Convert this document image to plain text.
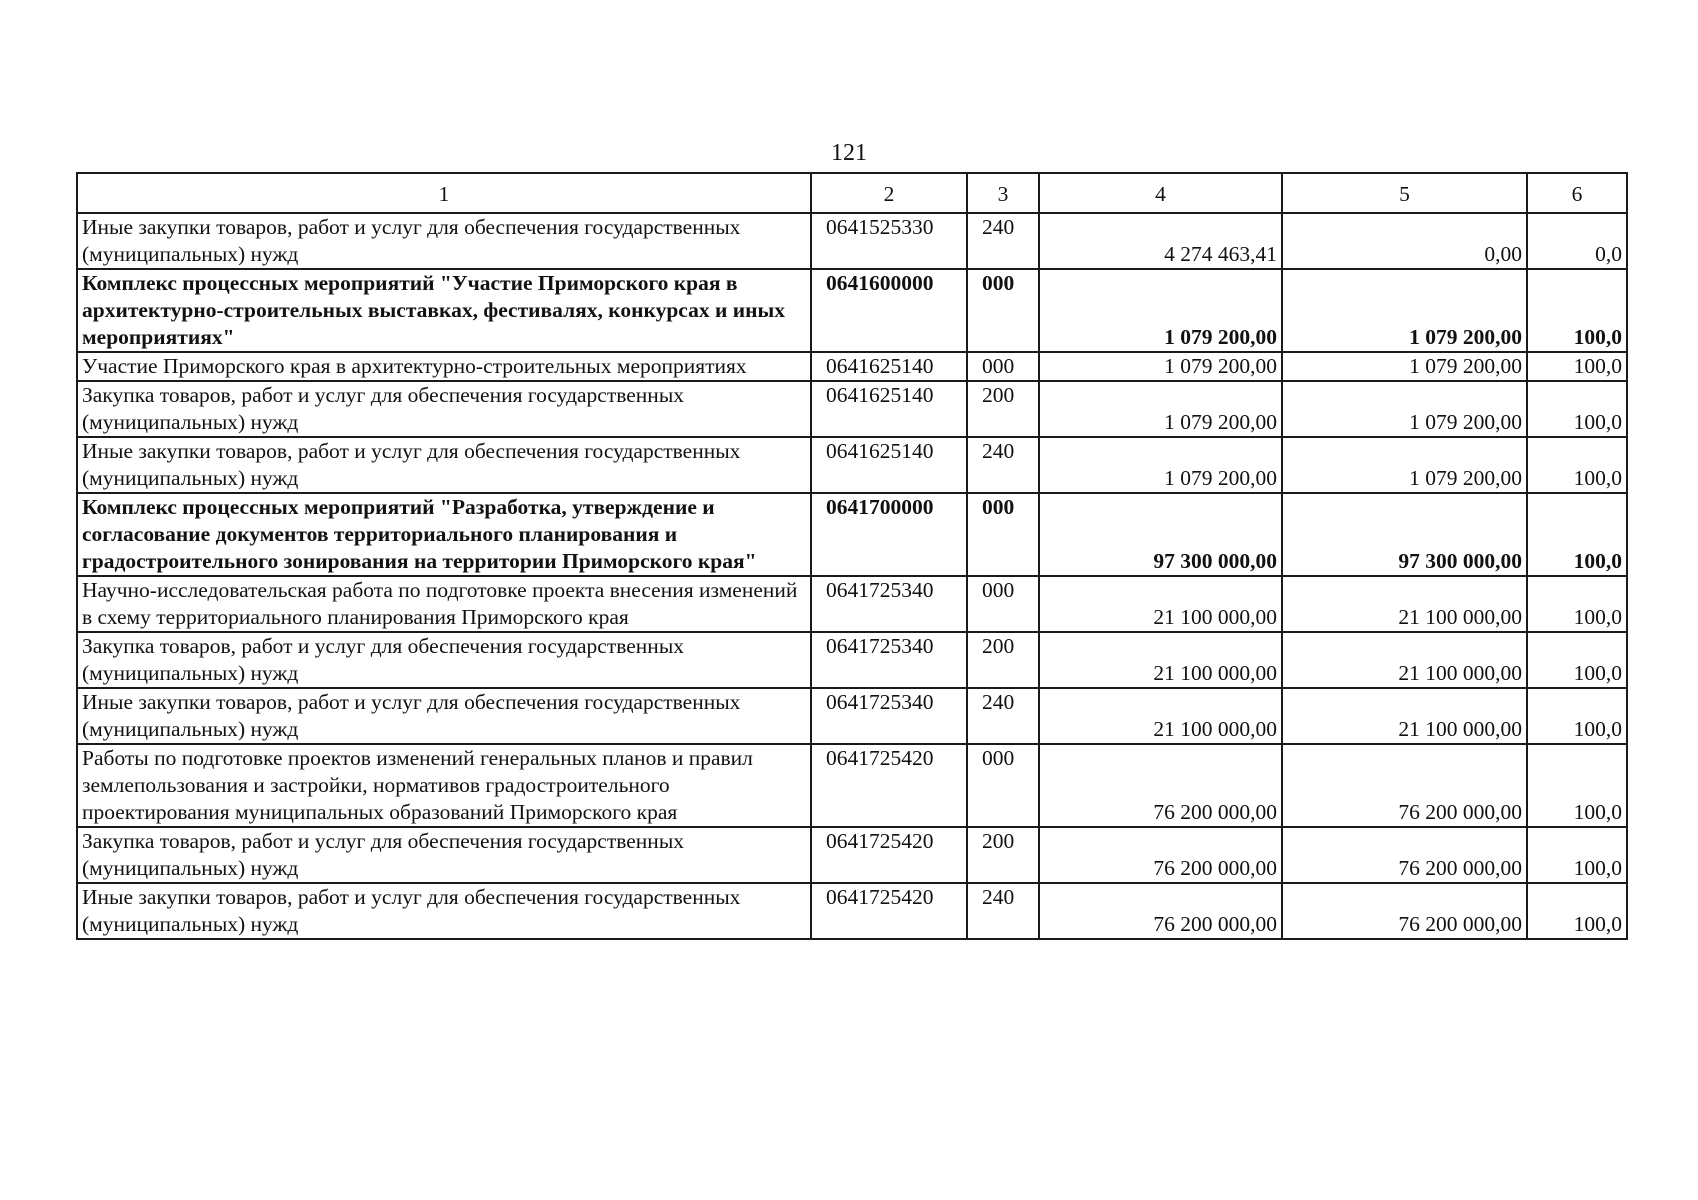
121
1	2	3	4	5	6
Иные закупки товаров, работ и услуг для обеспечения государственных (муниципальных) нужд	0641525330	240	4 274 463,41	0,00	0,0
Комплекс процессных мероприятий "Участие Приморского края в архитектурно-строительных выставках, фестивалях, конкурсах и иных мероприятиях"	0641600000	000	1 079 200,00	1 079 200,00	100,0
Участие Приморского края в архитектурно-строительных мероприятиях	0641625140	000	1 079 200,00	1 079 200,00	100,0
Закупка товаров, работ и услуг для обеспечения государственных (муниципальных) нужд	0641625140	200	1 079 200,00	1 079 200,00	100,0
Иные закупки товаров, работ и услуг для обеспечения государственных (муниципальных) нужд	0641625140	240	1 079 200,00	1 079 200,00	100,0
Комплекс процессных мероприятий "Разработка, утверждение и согласование документов территориального планирования и градостроительного зонирования на территории Приморского края"	0641700000	000	97 300 000,00	97 300 000,00	100,0
Научно-исследовательская работа по подготовке проекта внесения изменений в схему территориального планирования Приморского края	0641725340	000	21 100 000,00	21 100 000,00	100,0
Закупка товаров, работ и услуг для обеспечения государственных (муниципальных) нужд	0641725340	200	21 100 000,00	21 100 000,00	100,0
Иные закупки товаров, работ и услуг для обеспечения государственных (муниципальных) нужд	0641725340	240	21 100 000,00	21 100 000,00	100,0
Работы по подготовке проектов изменений генеральных планов и правил землепользования и застройки, нормативов градостроительного проектирования муниципальных образований Приморского края	0641725420	000	76 200 000,00	76 200 000,00	100,0
Закупка товаров, работ и услуг для обеспечения государственных (муниципальных) нужд	0641725420	200	76 200 000,00	76 200 000,00	100,0
Иные закупки товаров, работ и услуг для обеспечения государственных (муниципальных) нужд	0641725420	240	76 200 000,00	76 200 000,00	100,0
